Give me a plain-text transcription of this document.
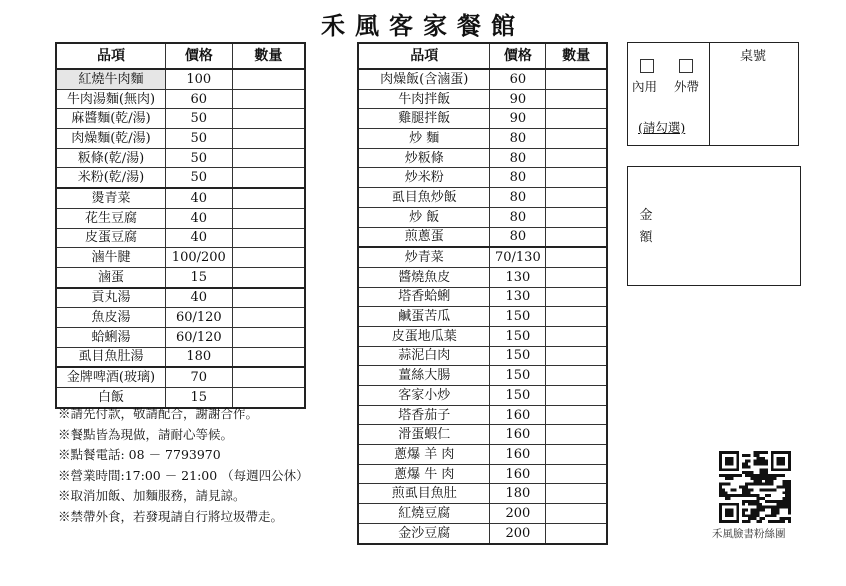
禾風客家餐館
品項	價格	數量
紅燒牛肉麵	100	
牛肉湯麵(無肉)	60	
麻醬麵(乾/湯)	50	
肉燥麵(乾/湯)	50	
粄條(乾/湯)	50	
米粉(乾/湯)	50	
燙青菜	40	
花生豆腐	40	
皮蛋豆腐	40	
滷牛腱	100/200	
滷蛋	15	
貢丸湯	40	
魚皮湯	60/120	
蛤蜊湯	60/120	
虱目魚肚湯	180	
金牌啤酒(玻璃)	70	
白飯	15	
品項	價格	數量
肉燥飯(含滷蛋)	60	
牛肉拌飯	90	
雞腿拌飯	90	
炒 麵	80	
炒粄條	80	
炒米粉	80	
虱目魚炒飯	80	
炒 飯	80	
煎蔥蛋	80	
炒青菜	70/130	
醬燒魚皮	130	
塔香蛤蜊	130	
鹹蛋苦瓜	150	
皮蛋地瓜葉	150	
蒜泥白肉	150	
薑絲大腸	150	
客家小炒	150	
塔香茄子	160	
滑蛋蝦仁	160	
蔥爆 羊 肉	160	
蔥爆 牛 肉	160	
煎虱目魚肚	180	
紅燒豆腐	200	
金沙豆腐	200	
※請先付款，敬請配合，謝謝合作。
※餐點皆為現做，請耐心等候。
※點餐電話: 08 － 7793970
※營業時間:17:00 － 21:00 （每週四公休）
※取消加飯、加麵服務，請見諒。
※禁帶外食，若發現請自行將垃圾帶走。
內用 外帶
(請勾選)
桌號
金額
禾風臉書粉絲團
